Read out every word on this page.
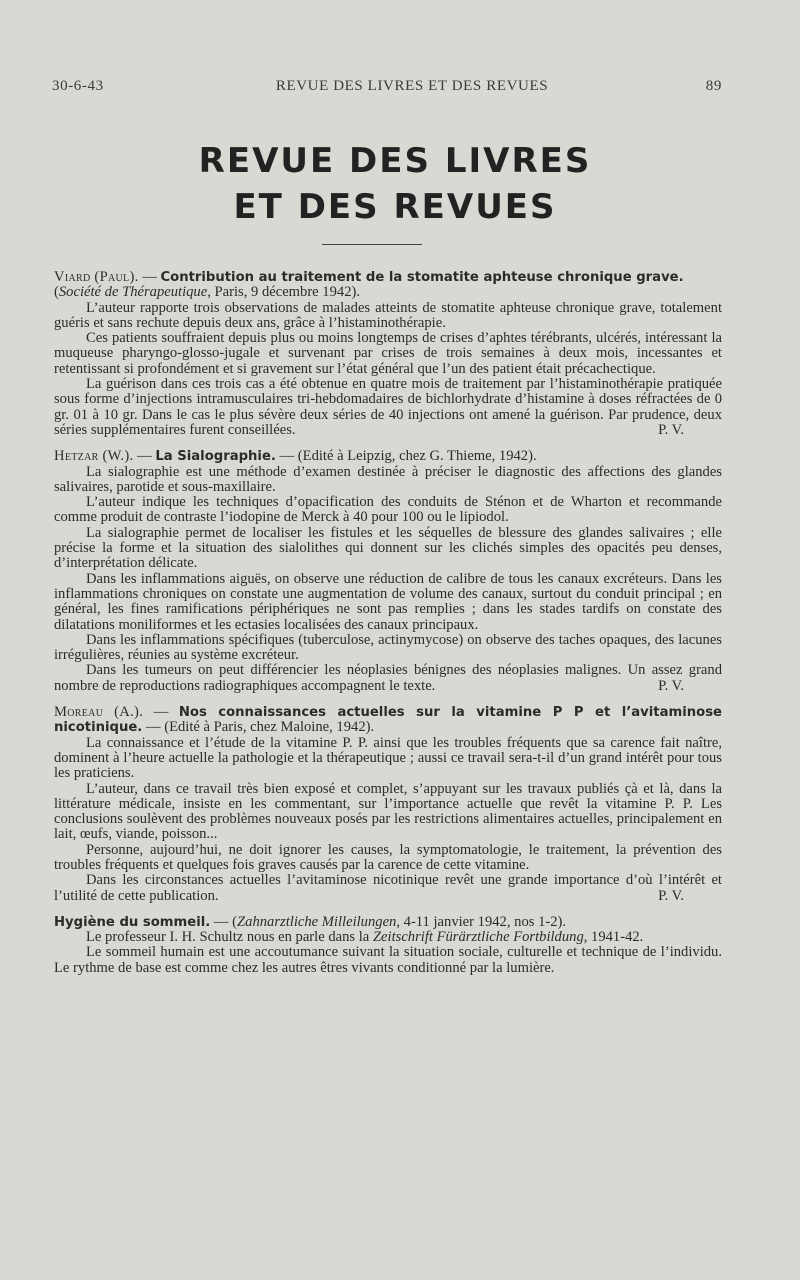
30-6-43	REVUE DES LIVRES ET DES REVUES	89
REVUE DES LIVRES
ET DES REVUES

Viard (Paul). — Contribution au traitement de la stomatite aphteuse chronique grave.
(Société de Thérapeutique, Paris, 9 décembre 1942).

L’auteur rapporte trois observations de malades atteints de stomatite aphteuse chronique grave, totalement guéris et sans rechute depuis deux ans, grâce à l’histaminothérapie.

Ces patients souffraient depuis plus ou moins longtemps de crises d’aphtes térébrants, ulcérés, intéressant la muqueuse pharyngo-glosso-jugale et survenant par crises de trois semaines à deux mois, incessantes et retentissant si profondément et si gravement sur l’état général que l’un des patient était précachectique.

La guérison dans ces trois cas a été obtenue en quatre mois de traitement par l’histaminothérapie pratiquée sous forme d’injections intramusculaires tri-hebdomadaires de bichlorhydrate d’histamine à doses réfractées de 0 gr. 01 à 10 gr. Dans le cas le plus sévère deux séries de 40 injections ont amené la guérison. Par prudence, deux séries supplémentaires furent conseillées.	P. V.

Hetzar (W.). — La Sialographie. — (Edité à Leipzig, chez G. Thieme, 1942).

La sialographie est une méthode d’examen destinée à préciser le diagnostic des affections des glandes salivaires, parotide et sous-maxillaire.

L’auteur indique les techniques d’opacification des conduits de Sténon et de Wharton et recommande comme produit de contraste l’iodopine de Merck à 40 pour 100 ou le lipiodol.

La sialographie permet de localiser les fistules et les séquelles de blessure des glandes salivaires ; elle précise la forme et la situation des sialolithes qui donnent sur les clichés simples des opacités peu denses, d’interprétation délicate.

Dans les inflammations aiguës, on observe une réduction de calibre de tous les canaux excréteurs. Dans les inflammations chroniques on constate une augmentation de volume des canaux, surtout du conduit principal ; en général, les fines ramifications périphériques ne sont pas remplies ; dans les stades tardifs on constate des dilatations moniliformes et les ectasies localisées des canaux principaux.

Dans les inflammations spécifiques (tuberculose, actinymycose) on observe des taches opaques, des lacunes irrégulières, réunies au système excréteur.

Dans les tumeurs on peut différencier les néoplasies bénignes des néoplasies malignes. Un assez grand nombre de reproductions radiographiques accompagnent le texte.	P. V.

Moreau (A.). — Nos connaissances actuelles sur la vitamine P P et l’avitaminose nicotinique. — (Edité à Paris, chez Maloine, 1942).

La connaissance et l’étude de la vitamine P. P. ainsi que les troubles fréquents que sa carence fait naître, dominent à l’heure actuelle la pathologie et la thérapeutique ; aussi ce travail sera-t-il d’un grand intérêt pour tous les praticiens.

L’auteur, dans ce travail très bien exposé et complet, s’appuyant sur les travaux publiés çà et là, dans la littérature médicale, insiste en les commentant, sur l’importance actuelle que revêt la vitamine P. P. Les conclusions soulèvent des problèmes nouveaux posés par les restrictions alimentaires actuelles, principalement en lait, œufs, viande, poisson...

Personne, aujourd’hui, ne doit ignorer les causes, la symptomatologie, le traitement, la prévention des troubles fréquents et quelques fois graves causés par la carence de cette vitamine.

Dans les circonstances actuelles l’avitaminose nicotinique revêt une grande importance d’où l’intérêt et l’utilité de cette publication.	P. V.

Hygiène du sommeil. — (Zahnarztliche Milleilungen, 4-11 janvier 1942, nos 1-2).

Le professeur I. H. Schultz nous en parle dans la Zeitschrift Fürärztliche Fortbildung, 1941-42.

Le sommeil humain est une accoutumance suivant la situation sociale, culturelle et technique de l’individu. Le rythme de base est comme chez les autres êtres vivants conditionné par la lumière.
